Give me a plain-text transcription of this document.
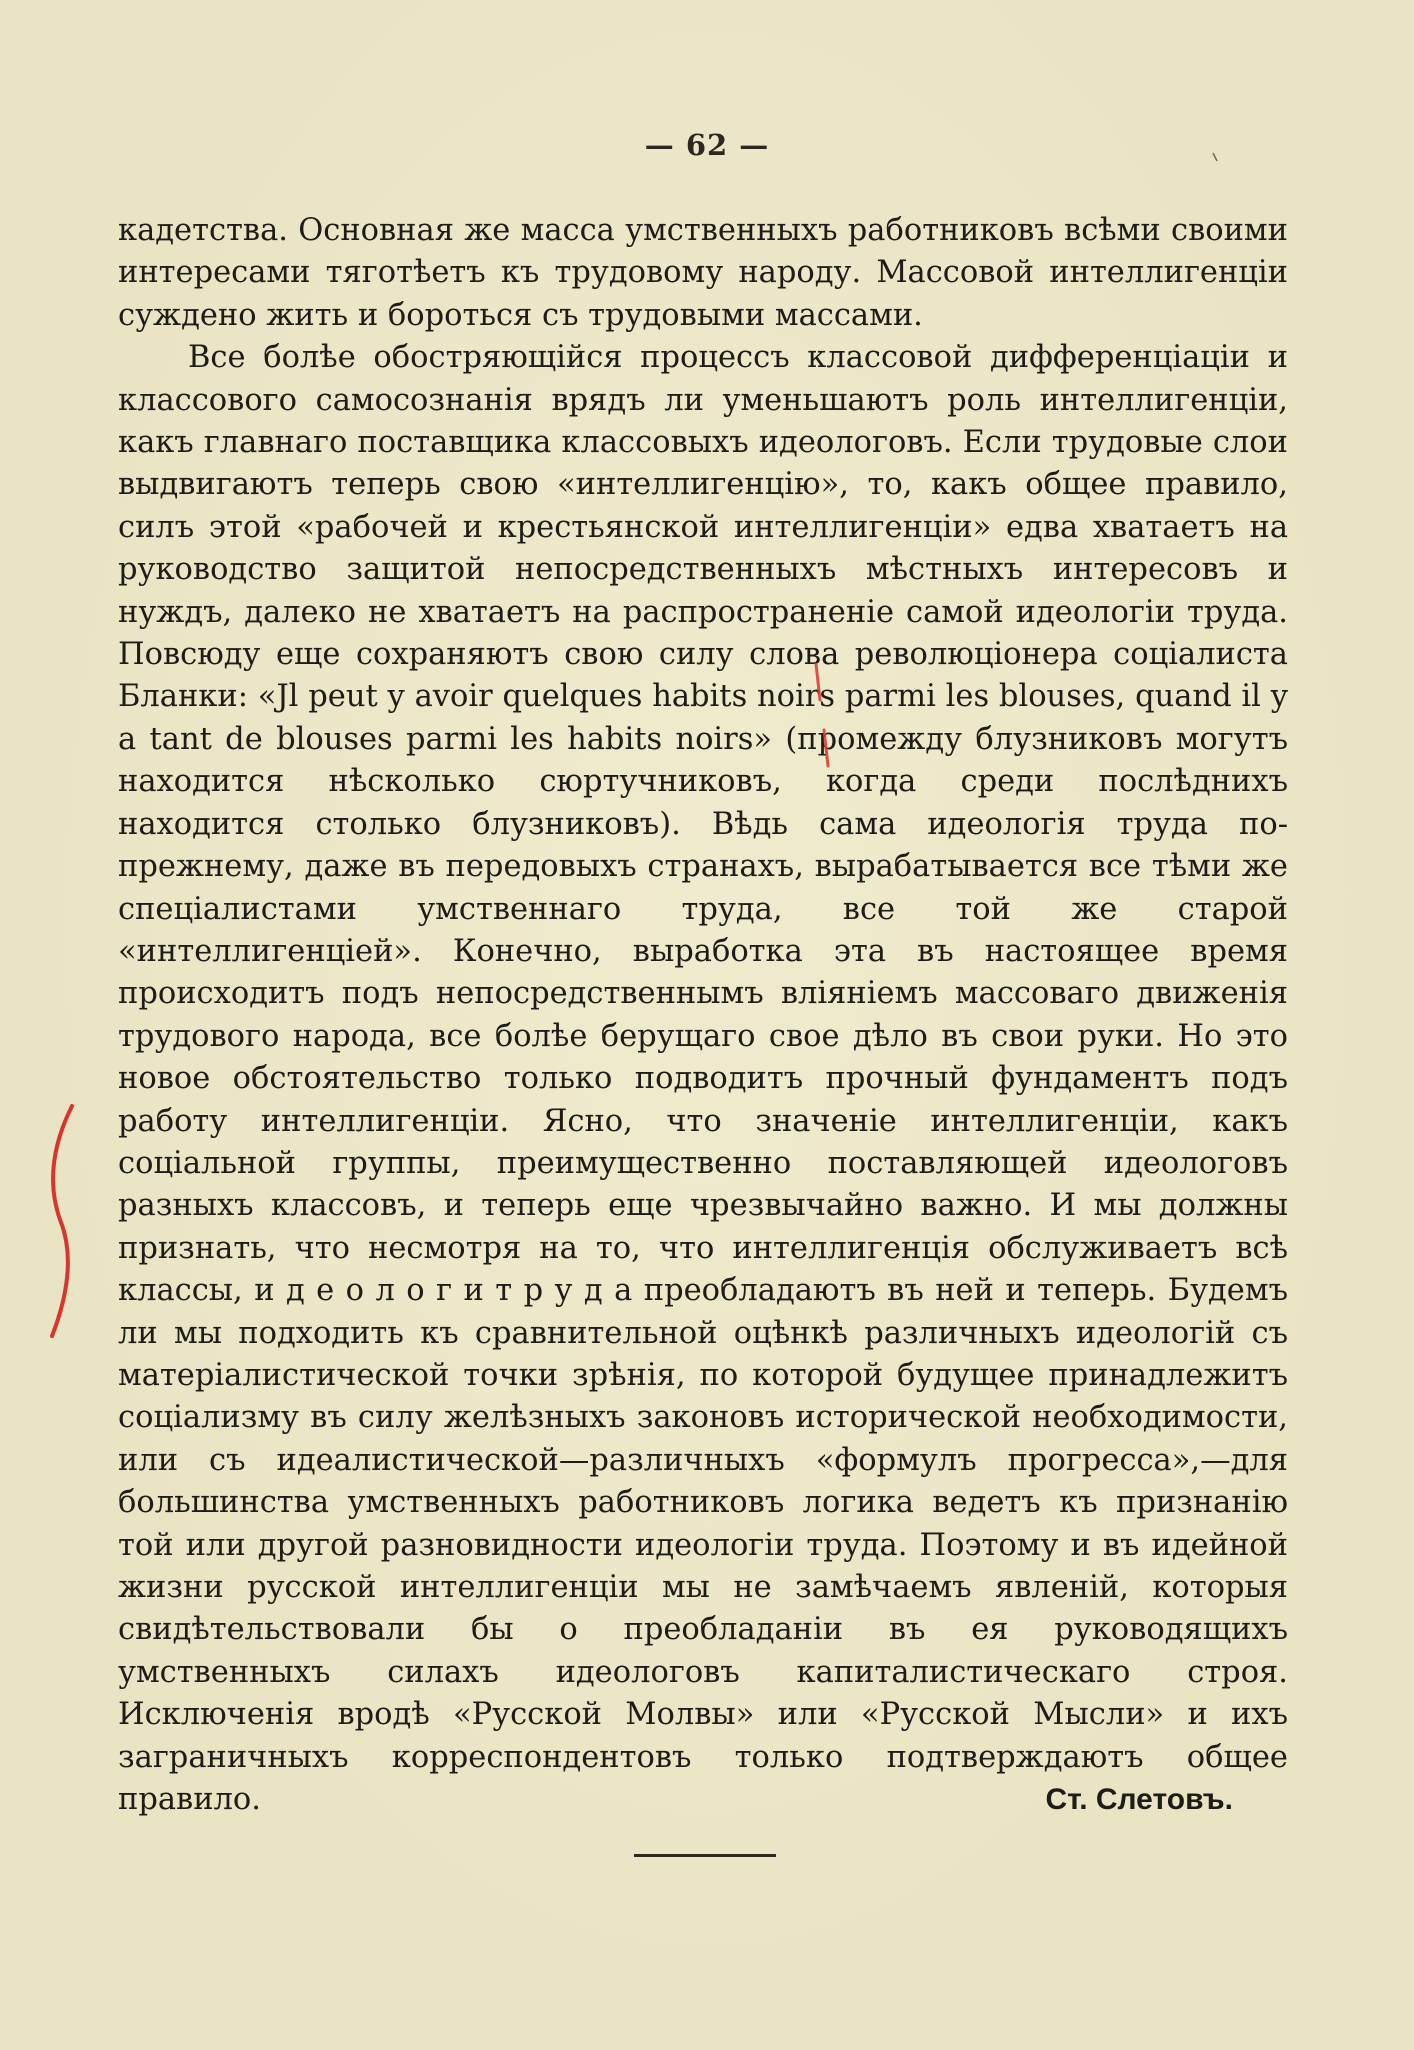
— 62 —

кадетства. Основная же масса умственныхъ работниковъ всѣми своими интересами тяготѣетъ къ трудовому народу. Массовой интеллигенціи суждено жить и бороться съ трудовыми массами.

Все болѣе обостряющійся процессъ классовой дифференціаціи и классового самосознанія врядъ ли уменьшаютъ роль интеллигенціи, какъ главнаго поставщика классовыхъ идеологовъ. Если трудовые слои выдвигаютъ теперь свою «интеллигенцію», то, какъ общее правило, силъ этой «рабочей и крестьянской интеллигенціи» едва хватаетъ на руководство защитой непосредственныхъ мѣстныхъ интересовъ и нуждъ, далеко не хватаетъ на распространеніе самой идеологіи труда. Повсюду еще сохраняютъ свою силу слова революціонера соціалиста Бланки: «Jl peut y avoir quelques habits noirs parmi les blouses, quand il y a tant de blouses parmi les habits noirs» (промежду блузниковъ могутъ находится нѣсколько сюртучниковъ, когда среди послѣднихъ находится столько блузниковъ). Вѣдь сама идеологія труда по прежнему, даже въ передовыхъ странахъ, вырабатывается все тѣми же спеціалистами умственнаго труда, все той же старой «интеллигенціей». Конечно, выработка эта въ настоящее время происходитъ подъ непосредственнымъ вліяніемъ массоваго движенія трудового народа, все болѣе берущаго свое дѣло въ свои руки. Но это новое обстоятельство только подводитъ прочный фундаментъ подъ работу интеллигенціи. Ясно, что значеніе интеллигенціи, какъ соціальной группы, преимущественно поставляющей идеологовъ разныхъ классовъ, и теперь еще чрезвычайно важно. И мы должны признать, что несмотря на то, что интеллигенція обслуживаетъ всѣ классы, и д е о л о г и т р у д а преобладаютъ въ ней и теперь. Будемъ ли мы подходить къ сравнительной оцѣнкѣ различныхъ идеологій съ матеріалистической точки зрѣнія, по которой будущее принадлежитъ соціализму въ силу желѣзныхъ законовъ исторической необходимости, или съ идеалистической—различныхъ «формулъ прогресса»,—для большинства умственныхъ работниковъ логика ведетъ къ признанію той или другой разновидности идеологіи труда. Поэтому и въ идейной жизни русской интеллигенціи мы не замѣчаемъ явленій, которыя свидѣтельствовали бы о преобладаніи въ ея руководящихъ умственныхъ силахъ идеологовъ капиталистическаго строя. Исключенія вродѣ «Русской Молвы» или «Русской Мысли» и ихъ заграничныхъ корреспондентовъ только подтверждаютъ общее правило.	Ст. Слетовъ.
